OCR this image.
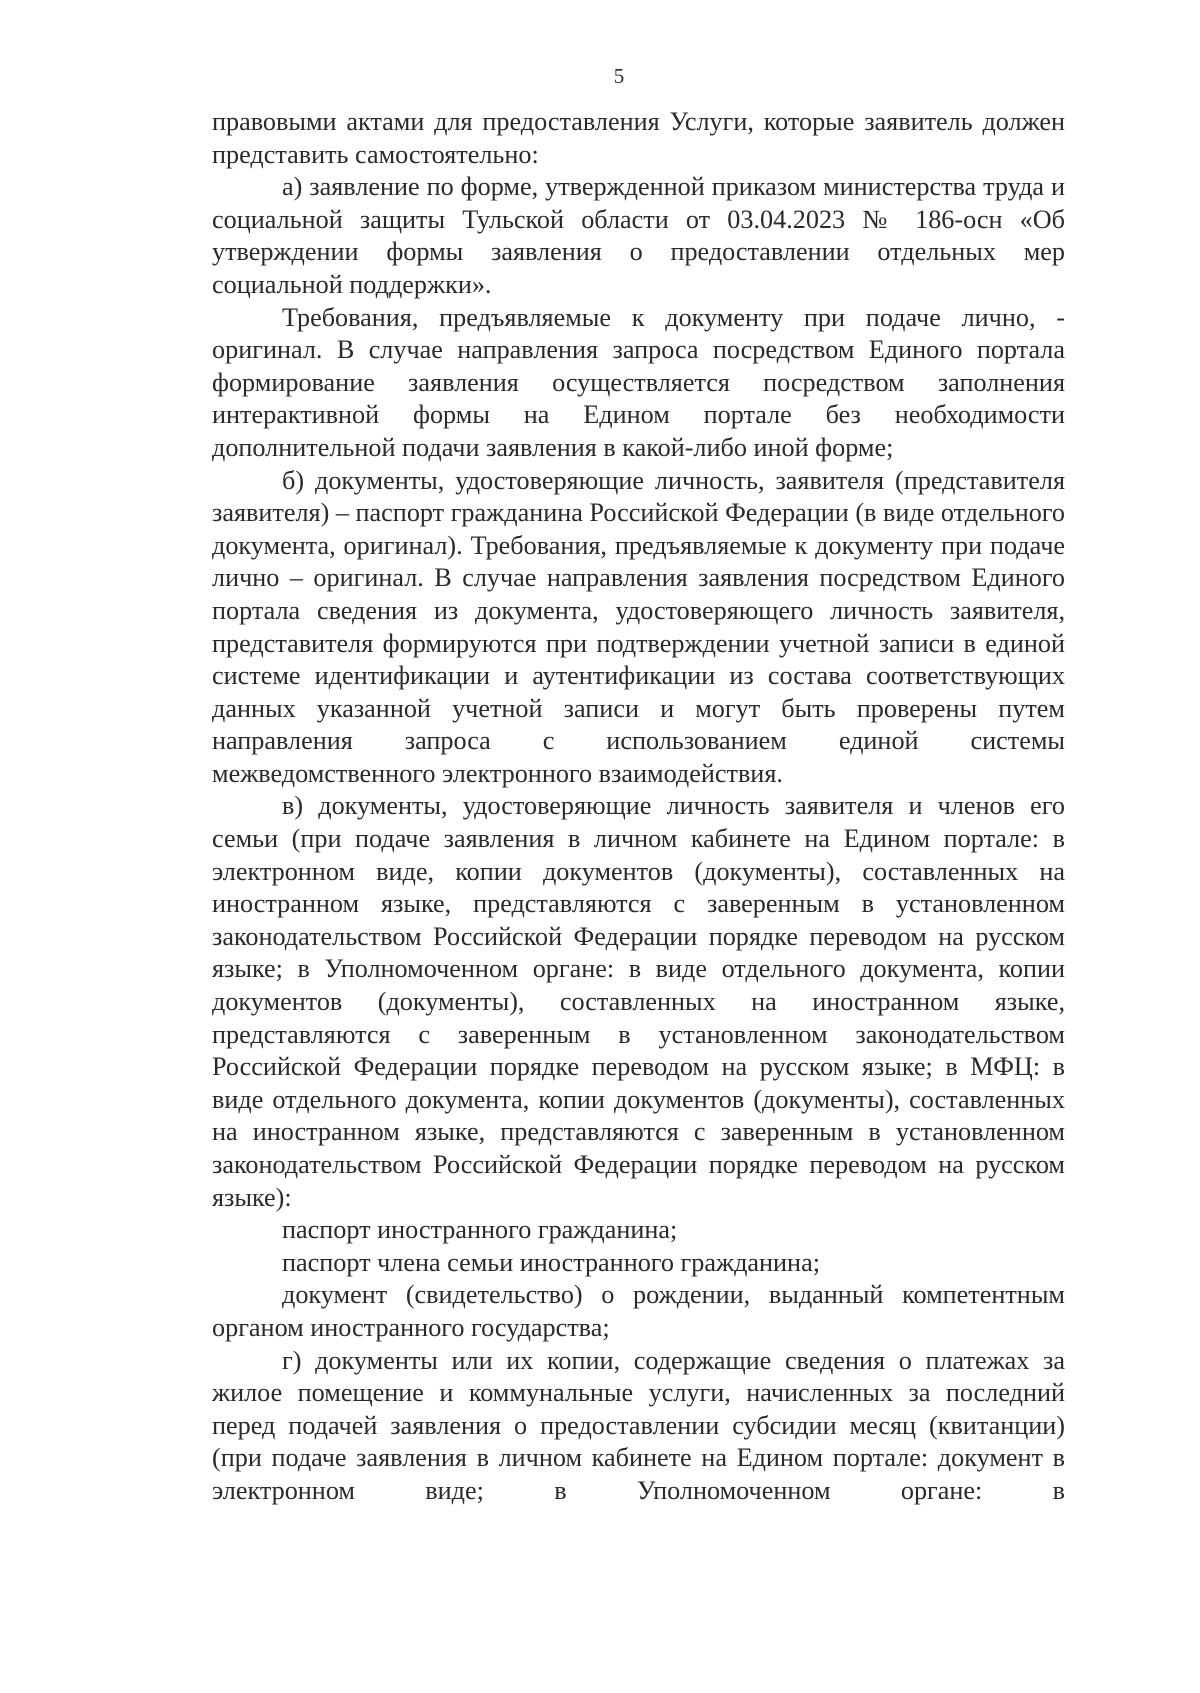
5

правовыми актами для предоставления Услуги, которые заявитель должен представить самостоятельно:

а) заявление по форме, утвержденной приказом министерства труда и социальной защиты Тульской области от 03.04.2023 № 186-осн «Об утверждении формы заявления о предоставлении отдельных мер социальной поддержки».

Требования, предъявляемые к документу при подаче лично, - оригинал. В случае направления запроса посредством Единого портала формирование заявления осуществляется посредством заполнения интерактивной формы на Едином портале без необходимости дополнительной подачи заявления в какой-либо иной форме;

б) документы, удостоверяющие личность, заявителя (представителя заявителя) – паспорт гражданина Российской Федерации (в виде отдельного документа, оригинал). Требования, предъявляемые к документу при подаче лично – оригинал. В случае направления заявления посредством Единого портала сведения из документа, удостоверяющего личность заявителя, представителя формируются при подтверждении учетной записи в единой системе идентификации и аутентификации из состава соответствующих данных указанной учетной записи и могут быть проверены путем направления запроса с использованием единой системы межведомственного электронного взаимодействия.

в) документы, удостоверяющие личность заявителя и членов его семьи (при подаче заявления в личном кабинете на Едином портале: в электронном виде, копии документов (документы), составленных на иностранном языке, представляются с заверенным в установленном законодательством Российской Федерации порядке переводом на русском языке; в Уполномоченном органе: в виде отдельного документа, копии документов (документы), составленных на иностранном языке, представляются с заверенным в установленном законодательством Российской Федерации порядке переводом на русском языке; в МФЦ: в виде отдельного документа, копии документов (документы), составленных на иностранном языке, представляются с заверенным в установленном законодательством Российской Федерации порядке переводом на русском языке):

паспорт иностранного гражданина;

паспорт члена семьи иностранного гражданина;

документ (свидетельство) о рождении, выданный компетентным органом иностранного государства;

г) документы или их копии, содержащие сведения о платежах за жилое помещение и коммунальные услуги, начисленных за последний перед подачей заявления о предоставлении субсидии месяц (квитанции) (при подаче заявления в личном кабинете на Едином портале: документ в электронном виде; в Уполномоченном органе: в
